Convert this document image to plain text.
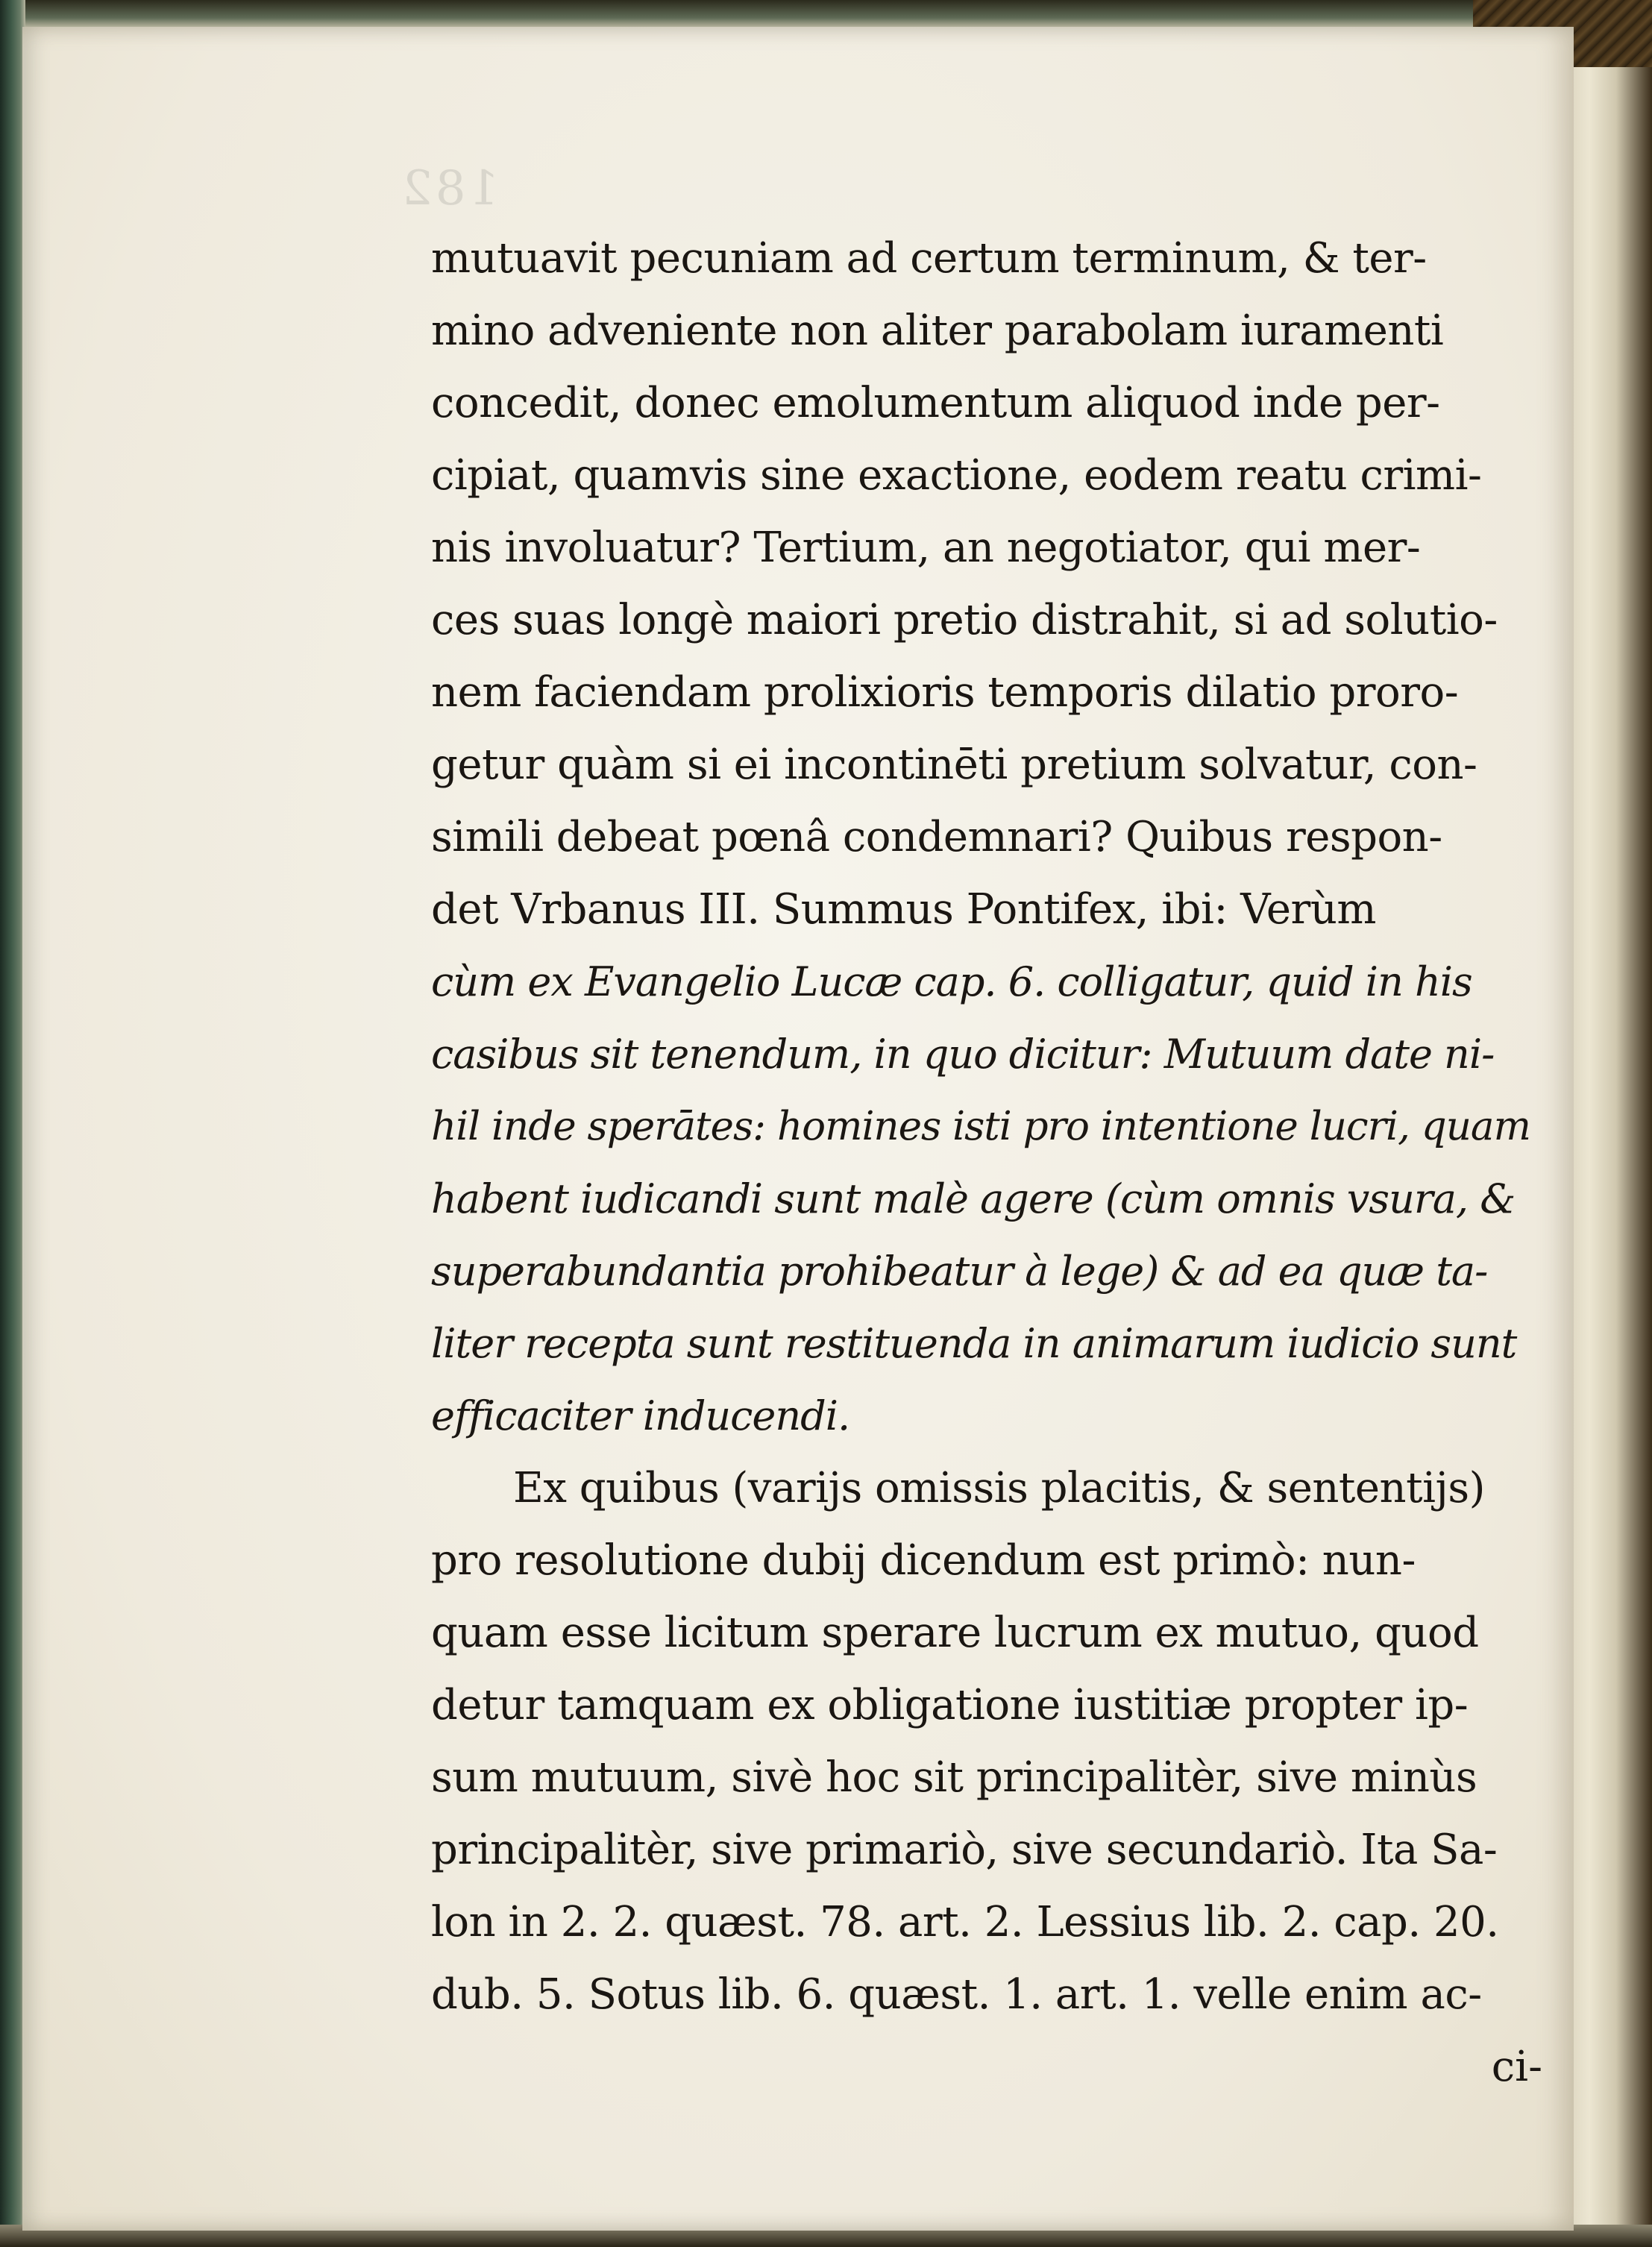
182
mutuavit pecuniam ad certum terminum, & ter-
mino adveniente non aliter parabolam iuramenti
concedit, donec emolumentum aliquod inde per-
cipiat, quamvis sine exactione, eodem reatu crimi-
nis involuatur? Tertium, an negotiator, qui mer-
ces suas longè maiori pretio distrahit, si ad solutio-
nem faciendam prolixioris temporis dilatio proro-
getur quàm si ei incontinēti pretium solvatur, con-
simili debeat pœnâ condemnari? Quibus respon-
det Vrbanus III. Summus Pontifex, ibi: Verùm
cùm ex Evangelio Lucæ cap. 6. colligatur, quid in his
casibus sit tenendum, in quo dicitur: Mutuum date ni-
hil inde sperātes: homines isti pro intentione lucri, quam
habent iudicandi sunt malè agere (cùm omnis vsura, &
superabundantia prohibeatur à lege) & ad ea quæ ta-
liter recepta sunt restituenda in animarum iudicio sunt
efficaciter inducendi.
Ex quibus (varijs omissis placitis, & sententijs)
pro resolutione dubij dicendum est primò: nun-
quam esse licitum sperare lucrum ex mutuo, quod
detur tamquam ex obligatione iustitiæ propter ip-
sum mutuum, sivè hoc sit principalitèr, sive minùs
principalitèr, sive primariò, sive secundariò. Ita Sa-
lon in 2. 2. quæst. 78. art. 2. Lessius lib. 2. cap. 20.
dub. 5. Sotus lib. 6. quæst. 1. art. 1. velle enim ac-
ci-
